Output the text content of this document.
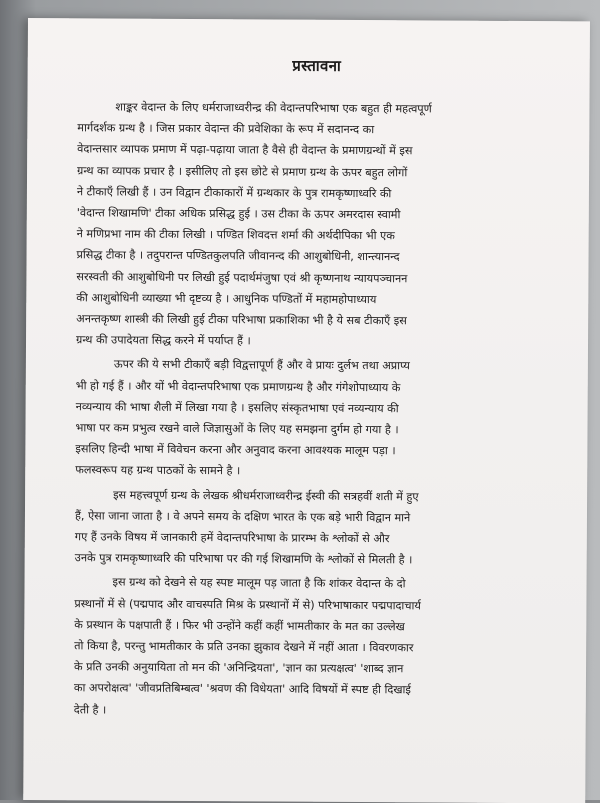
प्रस्तावना
शाङ्कर वेदान्त के लिए धर्मराजाध्वरीन्द्र की वेदान्तपरिभाषा एक बहुत ही महत्वपूर्ण
मार्गदर्शक ग्रन्थ है । जिस प्रकार वेदान्त की प्रवेशिका के रूप में सदानन्द का
वेदान्तसार व्यापक प्रमाण में पढ़ा-पढ़ाया जाता है वैसे ही वेदान्त के प्रमाणग्रन्थों में इस
ग्रन्थ का व्यापक प्रचार है । इसीलिए तो इस छोटे से प्रमाण ग्रन्थ के ऊपर बहुत लोगों
ने टीकाएँ लिखी हैं । उन विद्वान टीकाकारों में ग्रन्थकार के पुत्र रामकृष्णाध्वरि की
'वेदान्त शिखामणि' टीका अधिक प्रसिद्ध हुई । उस टीका के ऊपर अमरदास स्वामी
ने मणिप्रभा नाम की टीका लिखी । पण्डित शिवदत्त शर्मा की अर्थदीपिका भी एक
प्रसिद्ध टीका है । तदुपरान्त पण्डितकुलपति जीवानन्द की आशुबोधिनी, शान्त्यानन्द
सरस्वती की आशुबोधिनी पर लिखी हुई पदार्थमंजुषा एवं श्री कृष्णनाथ न्यायपञ्चानन
की आशुबोधिनी व्याख्या भी दृष्टव्य है । आधुनिक पण्डितों में महामहोपाध्याय
अनन्तकृष्ण शास्त्री की लिखी हुई टीका परिभाषा प्रकाशिका भी है ये सब टीकाएँ इस
ग्रन्थ की उपादेयता सिद्ध करने में पर्याप्त हैं ।
ऊपर की ये सभी टीकाएँ बड़ी विद्वत्तापूर्ण हैं और वे प्रायः दुर्लभ तथा अप्राप्य
भी हो गई हैं । और यों भी वेदान्तपरिभाषा एक प्रमाणग्रन्थ है और गंगेशोपाध्याय के
नव्यन्याय की भाषा शैली में लिखा गया है । इसलिए संस्कृतभाषा एवं नव्यन्याय की
भाषा पर कम प्रभुत्व रखने वाले जिज्ञासुओं के लिए यह समझना दुर्गम हो गया है ।
इसलिए हिन्दी भाषा में विवेचन करना और अनुवाद करना आवश्यक मालूम पड़ा ।
फलस्वरूप यह ग्रन्थ पाठकों के सामने है ।
इस महत्त्वपूर्ण ग्रन्थ के लेखक श्रीधर्मराजाध्वरीन्द्र ईस्वी की सत्रहवीं शती में हुए
हैं, ऐसा जाना जाता है । वे अपने समय के दक्षिण भारत के एक बड़े भारी विद्वान माने
गए हैं उनके विषय में जानकारी हमें वेदान्तपरिभाषा के प्रारम्भ के श्लोकों से और
उनके पुत्र रामकृष्णाध्वरि की परिभाषा पर की गई शिखामणि के श्लोकों से मिलती है ।
इस ग्रन्थ को देखने से यह स्पष्ट मालूम पड़ जाता है कि शांकर वेदान्त के दो
प्रस्थानों में से (पद्मपाद और वाचस्पति मिश्र के प्रस्थानों में से) परिभाषाकार पद्मपादाचार्य
के प्रस्थान के पक्षपाती हैं । फिर भी उन्होंने कहीं कहीं भामतीकार के मत का उल्लेख
तो किया है, परन्तु भामतीकार के प्रति उनका झुकाव देखने में नहीं आता । विवरणकार
के प्रति उनकी अनुयायिता तो मन की 'अनिन्द्रियता', 'ज्ञान का प्रत्यक्षत्व' 'शाब्द ज्ञान
का अपरोक्षत्व' 'जीवप्रतिबिम्बत्व' 'श्रवण की विधेयता' आदि विषयों में स्पष्ट ही दिखाई
देती है ।
